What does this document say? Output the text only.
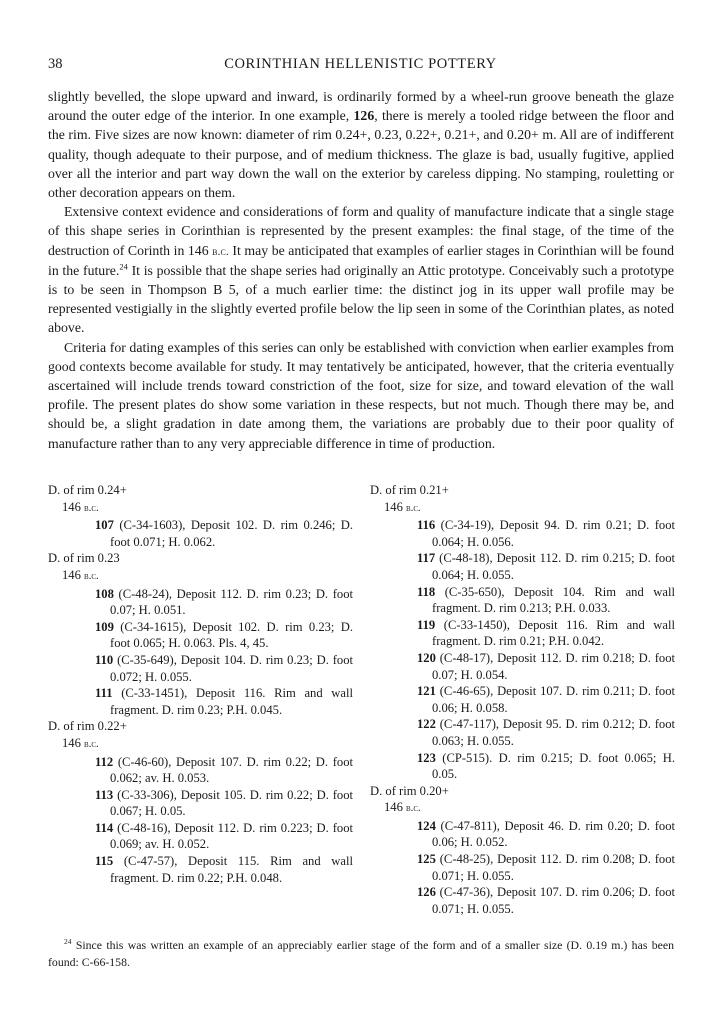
38	CORINTHIAN HELLENISTIC POTTERY

slightly bevelled, the slope upward and inward, is ordinarily formed by a wheel-run groove beneath the glaze around the outer edge of the interior. In one example, 126, there is merely a tooled ridge between the floor and the rim. Five sizes are now known: diameter of rim 0.24+, 0.23, 0.22+, 0.21+, and 0.20+ m. All are of indifferent quality, though adequate to their purpose, and of medium thickness. The glaze is bad, usually fugitive, applied over all the interior and part way down the wall on the exterior by careless dipping. No stamping, rouletting or other decoration appears on them.

Extensive context evidence and considerations of form and quality of manufacture indicate that a single stage of this shape series in Corinthian is represented by the present examples: the final stage, of the time of the destruction of Corinth in 146 b.c. It may be anticipated that examples of earlier stages in Corinthian will be found in the future.$^{24}$ It is possible that the shape series had originally an Attic prototype. Conceivably such a prototype is to be seen in Thompson B 5, of a much earlier time: the distinct jog in its upper wall profile may be represented vestigially in the slightly everted profile below the lip seen in some of the Corinthian plates, as noted above.

Criteria for dating examples of this series can only be established with conviction when earlier examples from good contexts become available for study. It may tentatively be anticipated, however, that the criteria eventually ascertained will include trends toward constriction of the foot, size for size, and toward elevation of the wall profile. The present plates do show some variation in these respects, but not much. Though there may be, and should be, a slight gradation in date among them, the variations are probably due to their poor quality of manufacture rather than to any very appreciable difference in time of production.

D. of rim 0.24+
146 b.c.
107 (C-34-1603), Deposit 102. D. rim 0.246; D. foot 0.071; H. 0.062.
D. of rim 0.23
146 b.c.
108 (C-48-24), Deposit 112. D. rim 0.23; D. foot 0.07; H. 0.051.
109 (C-34-1615), Deposit 102. D. rim 0.23; D. foot 0.065; H. 0.063. Pls. 4, 45.
110 (C-35-649), Deposit 104. D. rim 0.23; D. foot 0.072; H. 0.055.
111 (C-33-1451), Deposit 116. Rim and wall fragment. D. rim 0.23; P.H. 0.045.
D. of rim 0.22+
146 b.c.
112 (C-46-60), Deposit 107. D. rim 0.22; D. foot 0.062; av. H. 0.053.
113 (C-33-306), Deposit 105. D. rim 0.22; D. foot 0.067; H. 0.05.
114 (C-48-16), Deposit 112. D. rim 0.223; D. foot 0.069; av. H. 0.052.
115 (C-47-57), Deposit 115. Rim and wall fragment. D. rim 0.22; P.H. 0.048.
D. of rim 0.21+
146 b.c.
116 (C-34-19), Deposit 94. D. rim 0.21; D. foot 0.064; H. 0.056.
117 (C-48-18), Deposit 112. D. rim 0.215; D. foot 0.064; H. 0.055.
118 (C-35-650), Deposit 104. Rim and wall fragment. D. rim 0.213; P.H. 0.033.
119 (C-33-1450), Deposit 116. Rim and wall fragment. D. rim 0.21; P.H. 0.042.
120 (C-48-17), Deposit 112. D. rim 0.218; D. foot 0.07; H. 0.054.
121 (C-46-65), Deposit 107. D. rim 0.211; D. foot 0.06; H. 0.058.
122 (C-47-117), Deposit 95. D. rim 0.212; D. foot 0.063; H. 0.055.
123 (CP-515). D. rim 0.215; D. foot 0.065; H. 0.05.
D. of rim 0.20+
146 b.c.
124 (C-47-811), Deposit 46. D. rim 0.20; D. foot 0.06; H. 0.052.
125 (C-48-25), Deposit 112. D. rim 0.208; D. foot 0.071; H. 0.055.
126 (C-47-36), Deposit 107. D. rim 0.206; D. foot 0.071; H. 0.055.
$^{24}$ Since this was written an example of an appreciably earlier stage of the form and of a smaller size (D. 0.19 m.) has been found: C-66-158.
